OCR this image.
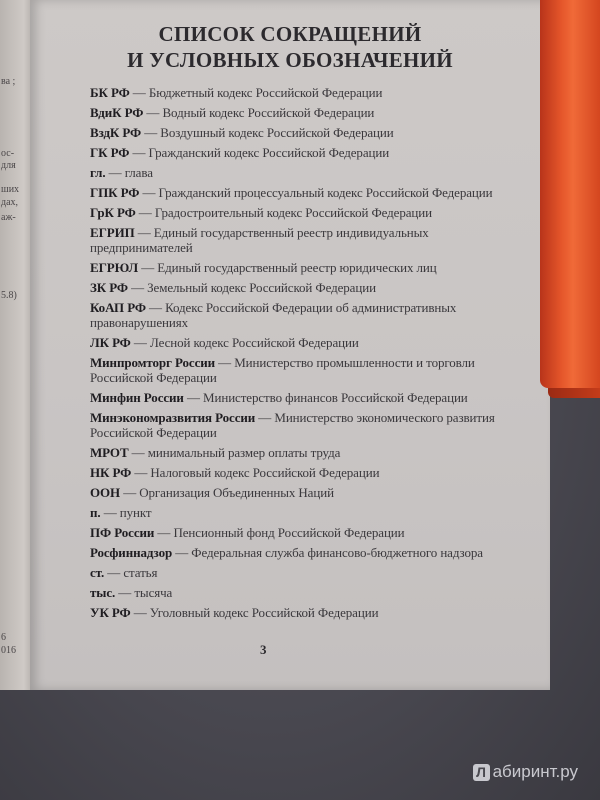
ва ;
ос-
для
ших
дах,
аж-
5.8)
6
016
СПИСОК СОКРАЩЕНИЙ
И УСЛОВНЫХ ОБОЗНАЧЕНИЙ
БК РФ — Бюджетный кодекс Российской Федерации
ВдиК РФ — Водный кодекс Российской Федерации
ВздК РФ — Воздушный кодекс Российской Федерации
ГК РФ — Гражданский кодекс Российской Федерации
гл. — глава
ГПК РФ — Гражданский процессуальный кодекс Российской Федерации
ГрК РФ — Градостроительный кодекс Российской Федерации
ЕГРИП — Единый государственный реестр индивидуальных предпринимателей
ЕГРЮЛ — Единый государственный реестр юридических лиц
ЗК РФ — Земельный кодекс Российской Федерации
КоАП РФ — Кодекс Российской Федерации об административных правонарушениях
ЛК РФ — Лесной кодекс Российской Федерации
Минпромторг России — Министерство промышленности и торговли Российской Федерации
Минфин России — Министерство финансов Российской Федерации
Минэкономразвития России — Министерство экономического развития Российской Федерации
МРОТ — минимальный размер оплаты труда
НК РФ — Налоговый кодекс Российской Федерации
ООН — Организация Объединенных Наций
п. — пункт
ПФ России — Пенсионный фонд Российской Федерации
Росфиннадзор — Федеральная служба финансово-бюджетного надзора
ст. — статья
тыс. — тысяча
УК РФ — Уголовный кодекс Российской Федерации
3
Л абиринт.ру
